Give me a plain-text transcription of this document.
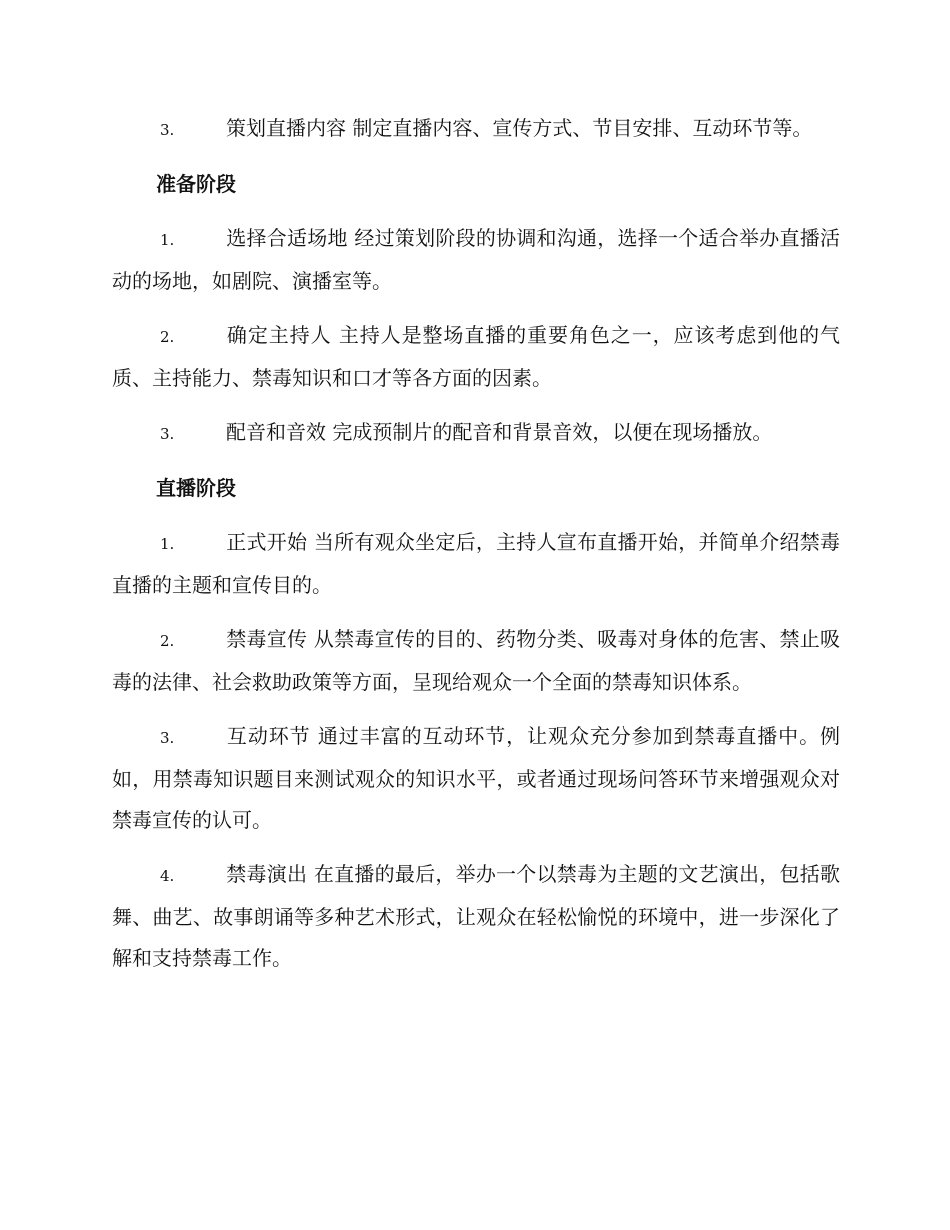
3.	策划直播内容 制定直播内容、宣传方式、节目安排、互动环节等。

准备阶段

1.	选择合适场地 经过策划阶段的协调和沟通，选择一个适合举办直播活动的场地，如剧院、演播室等。

2.	确定主持人 主持人是整场直播的重要角色之一，应该考虑到他的气质、主持能力、禁毒知识和口才等各方面的因素。

3.	配音和音效 完成预制片的配音和背景音效，以便在现场播放。

直播阶段

1.	正式开始 当所有观众坐定后，主持人宣布直播开始，并简单介绍禁毒直播的主题和宣传目的。

2.	禁毒宣传 从禁毒宣传的目的、药物分类、吸毒对身体的危害、禁止吸毒的法律、社会救助政策等方面，呈现给观众一个全面的禁毒知识体系。

3.	互动环节 通过丰富的互动环节，让观众充分参加到禁毒直播中。例如，用禁毒知识题目来测试观众的知识水平，或者通过现场问答环节来增强观众对禁毒宣传的认可。

4.	禁毒演出 在直播的最后，举办一个以禁毒为主题的文艺演出，包括歌舞、曲艺、故事朗诵等多种艺术形式，让观众在轻松愉悦的环境中，进一步深化了解和支持禁毒工作。
